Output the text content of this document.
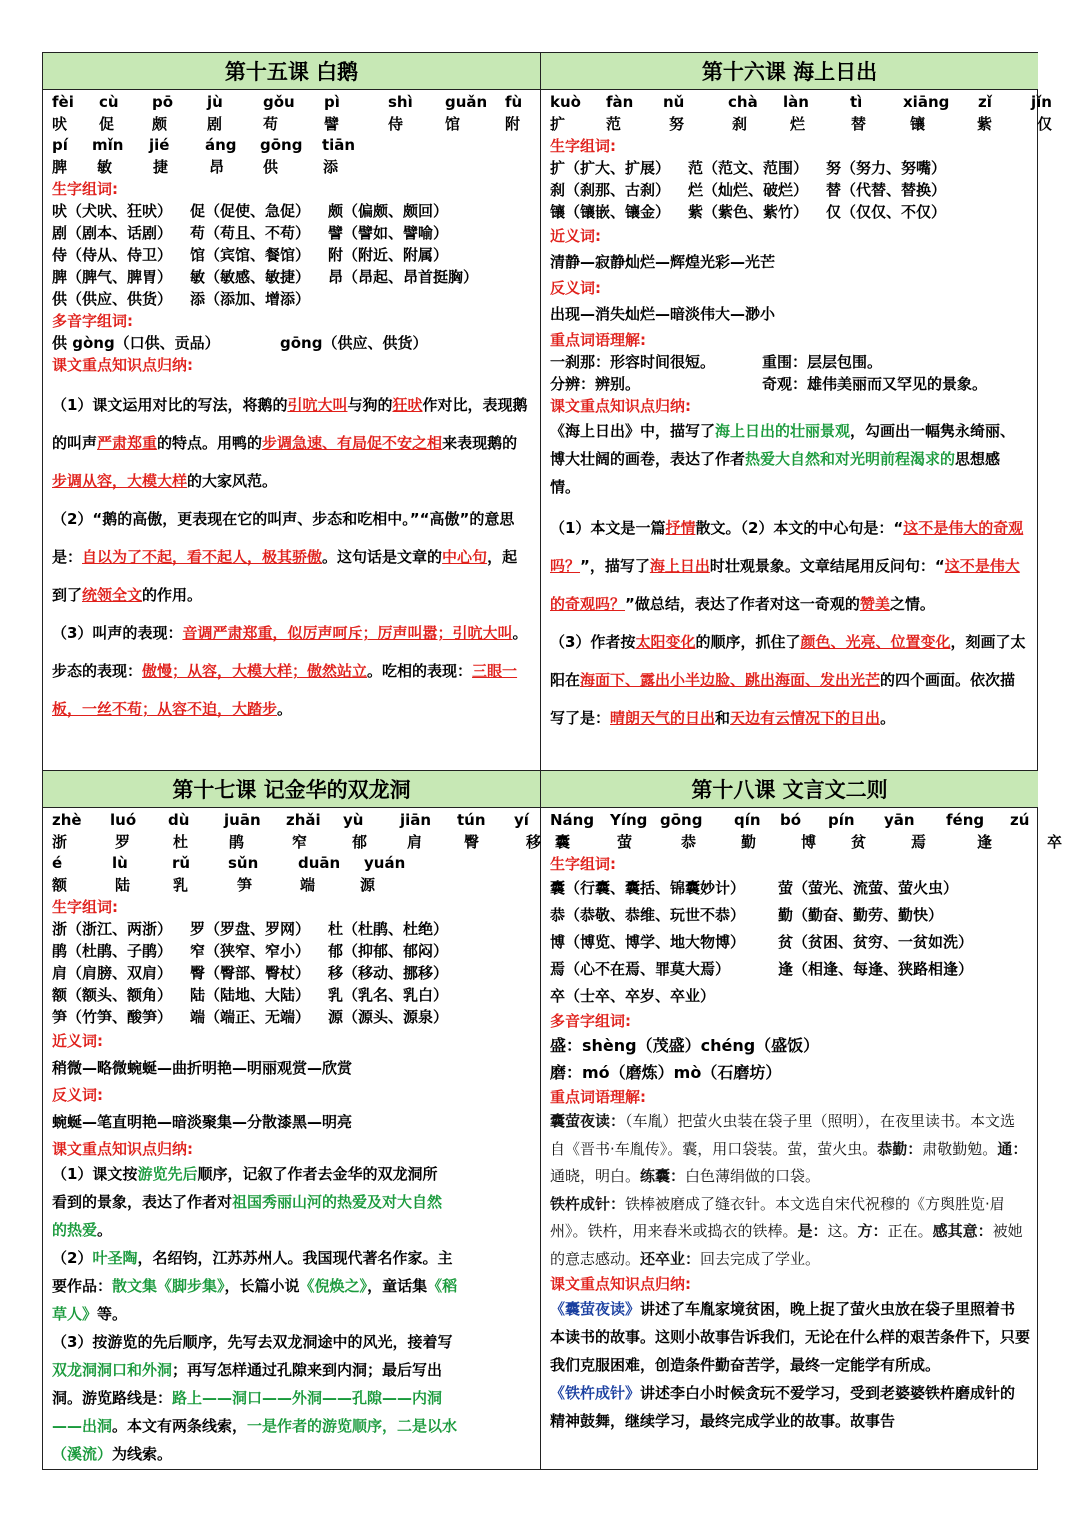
第十五课 白鹅
fèi	cù	pō	jù	gǒu	pì	shì	guǎn	fù
吠	促	颇	剧	苟	譬	侍	馆	附
pí	mǐn	jié	áng	gōng	tiān
脾	敏	捷	昂	供	添
生字组词:
吠（犬吠、狂吠）	促（促使、急促）	颇（偏颇、颇回）
剧（剧本、话剧）	苟（苟且、不苟）	譬（譬如、譬喻）
侍（侍从、侍卫）	馆（宾馆、餐馆）	附（附近、附属）
脾（脾气、脾胃）	敏（敏感、敏捷）	昂（昂起、昂首挺胸）
供（供应、供货）	添（添加、增添）
多音字组词:
供 gòng（口供、贡品）	gōng（供应、供货）
课文重点知识点归纳:

（1）课文运用对比的写法，将鹅的引吭大叫与狗的狂吠作对比，表现鹅的叫声严肃郑重的特点。用鸭的步调急速、有局促不安之相来表现鹅的步调从容，大模大样的大家风范。

（2）“鹅的高傲，更表现在它的叫声、步态和吃相中。”“高傲”的意思是：自以为了不起，看不起人，极其骄傲。这句话是文章的中心句，起到了统领全文的作用。

（3）叫声的表现：音调严肃郑重，似厉声呵斥；厉声叫嚣；引吭大叫。步态的表现：傲慢；从容，大模大样；傲然站立。吃相的表现：三眼一板，一丝不苟；从容不迫，大踏步。

第十六课 海上日出
kuò	fàn	nǔ	chà	làn	tì	xiāng	zǐ	jǐn
扩	范	努	刹	烂	替	镶	紫	仅
生字组词:
扩（扩大、扩展）	范（范文、范围）	努（努力、努嘴）
刹（刹那、古刹）	烂（灿烂、破烂）	替（代替、替换）
镶（镶嵌、镶金）	紫（紫色、紫竹）	仅（仅仅、不仅）
近义词:
清静—寂静灿烂—辉煌光彩—光芒
反义词:
出现—消失灿烂—暗淡伟大—渺小
重点词语理解:
一刹那：形容时间很短。	重围：层层包围。
分辨：辨别。	奇观：雄伟美丽而又罕见的景象。
课文重点知识点归纳:

《海上日出》中，描写了海上日出的壮丽景观，勾画出一幅隽永绮丽、博大壮阔的画卷，表达了作者热爱大自然和对光明前程渴求的思想感情。

（1）本文是一篇抒情散文。（2）本文的中心句是：“这不是伟大的奇观吗？”，描写了海上日出时壮观景象。文章结尾用反问句：“这不是伟大的奇观吗？”做总结，表达了作者对这一奇观的赞美之情。

（3）作者按太阳变化的顺序，抓住了颜色、光亮、位置变化，刻画了太阳在海面下、露出小半边脸、跳出海面、发出光芒的四个画面。依次描写了是：晴朗天气的日出和天边有云情况下的日出。

第十七课 记金华的双龙洞
zhè	luó	dù	juān	zhǎi	yù	jiān	tún	yí
浙	罗	杜	鹃	窄	郁	肩	臀	移
é	lù	rǔ	sǔn	duān	yuán
额	陆	乳	笋	端	源
生字组词:
浙（浙江、两浙）	罗（罗盘、罗网）	杜（杜鹃、杜绝）
鹃（杜鹃、子鹃）	窄（狭窄、窄小）	郁（抑郁、郁闷）
肩（肩膀、双肩）	臀（臀部、臀杖）	移（移动、挪移）
额（额头、额角）	陆（陆地、大陆）	乳（乳名、乳白）
笋（竹笋、酸笋）	端（端正、无端）	源（源头、源泉）
近义词:
稍微—略微蜿蜒—曲折明艳—明丽观赏—欣赏
反义词:
蜿蜒—笔直明艳—暗淡聚集—分散漆黑—明亮
课文重点知识点归纳:

（1）课文按游览先后顺序，记叙了作者去金华的双龙洞所看到的景象，表达了作者对祖国秀丽山河的热爱及对大自然的热爱。

（2）叶圣陶，名绍钧，江苏苏州人。我国现代著名作家。主要作品：散文集《脚步集》，长篇小说《倪焕之》，童话集《稻草人》等。

（3）按游览的先后顺序，先写去双龙洞途中的风光，接着写双龙洞洞口和外洞；再写怎样通过孔隙来到内洞；最后写出洞。游览路线是：路上——洞口——外洞——孔隙——内洞——出洞。本文有两条线索，一是作者的游览顺序，二是以水（溪流）为线索。

第十八课 文言文二则
Náng	Yíng gōng	qín	bó	pín	yān	féng	zú
囊	萤	恭	勤	博	贫	焉	逢	卒
生字组词:
囊（行囊、囊括、锦囊妙计）	萤（萤光、流萤、萤火虫）
恭（恭敬、恭维、玩世不恭）	勤（勤奋、勤劳、勤快）
博（博览、博学、地大物博）	贫（贫困、贫穷、一贫如洗）
焉（心不在焉、罪莫大焉）	逢（相逢、每逢、狭路相逢）
卒（士卒、卒岁、卒业）
多音字组词:
盛：shèng（茂盛）chéng（盛饭）
磨：mó（磨炼）mò（石磨坊）
重点词语理解:

囊萤夜读：（车胤）把萤火虫装在袋子里（照明），在夜里读书。本文选自《晋书·车胤传》。囊，用口袋装。萤，萤火虫。恭勤：肃敬勤勉。通：通晓，明白。练囊：白色薄绢做的口袋。

铁杵成针：铁棒被磨成了缝衣针。本文选自宋代祝穆的《方舆胜览·眉州》。铁杵，用来舂米或捣衣的铁棒。是：这。方：正在。感其意：被她的意志感动。还卒业：回去完成了学业。

课文重点知识点归纳:

《囊萤夜读》讲述了车胤家境贫困，晚上捉了萤火虫放在袋子里照着书本读书的故事。这则小故事告诉我们，无论在什么样的艰苦条件下，只要我们克服困难，创造条件勤奋苦学，最终一定能学有所成。

《铁杵成针》讲述李白小时候贪玩不爱学习，受到老婆婆铁杵磨成针的精神鼓舞，继续学习，最终完成学业的故事。故事告
